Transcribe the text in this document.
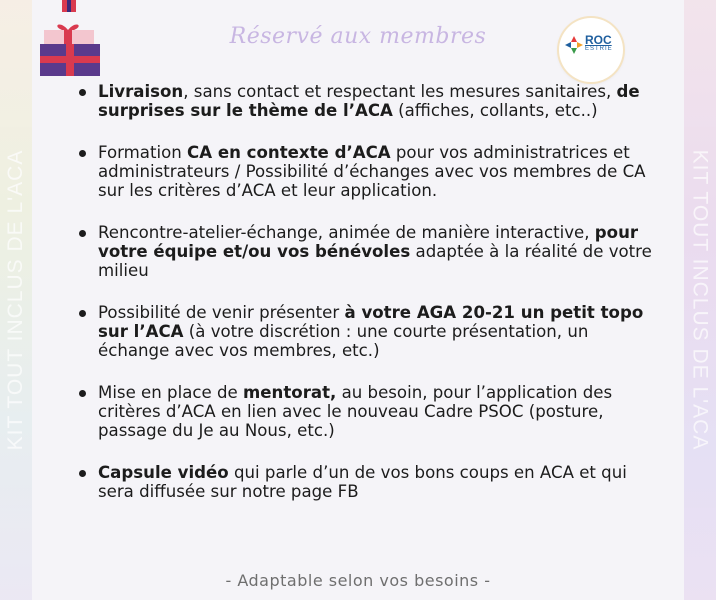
KIT TOUT INCLUS DE L'ACA	KIT TOUT INCLUS DE L'ACA
Réservé aux membres	ROC
ESTRIE
Livraison, sans contact et respectant les mesures sanitaires, de surprises sur le thème de l’ACA (affiches, collants, etc..)
Formation CA en contexte d’ACA pour vos administratrices et administrateurs / Possibilité d’échanges avec vos membres de CA sur les critères d’ACA et leur application.
Rencontre-atelier-échange, animée de manière interactive, pour votre équipe et/ou vos bénévoles adaptée à la réalité de votre milieu
Possibilité de venir présenter à votre AGA 20-21 un petit topo sur l’ACA (à votre discrétion : une courte présentation, un échange avec vos membres, etc.)
Mise en place de mentorat, au besoin, pour l’application des critères d’ACA en lien avec le nouveau Cadre PSOC (posture, passage du Je au Nous, etc.)
Capsule vidéo qui parle d’un de vos bons coups en ACA et qui sera diffusée sur notre page FB
- Adaptable selon vos besoins -
